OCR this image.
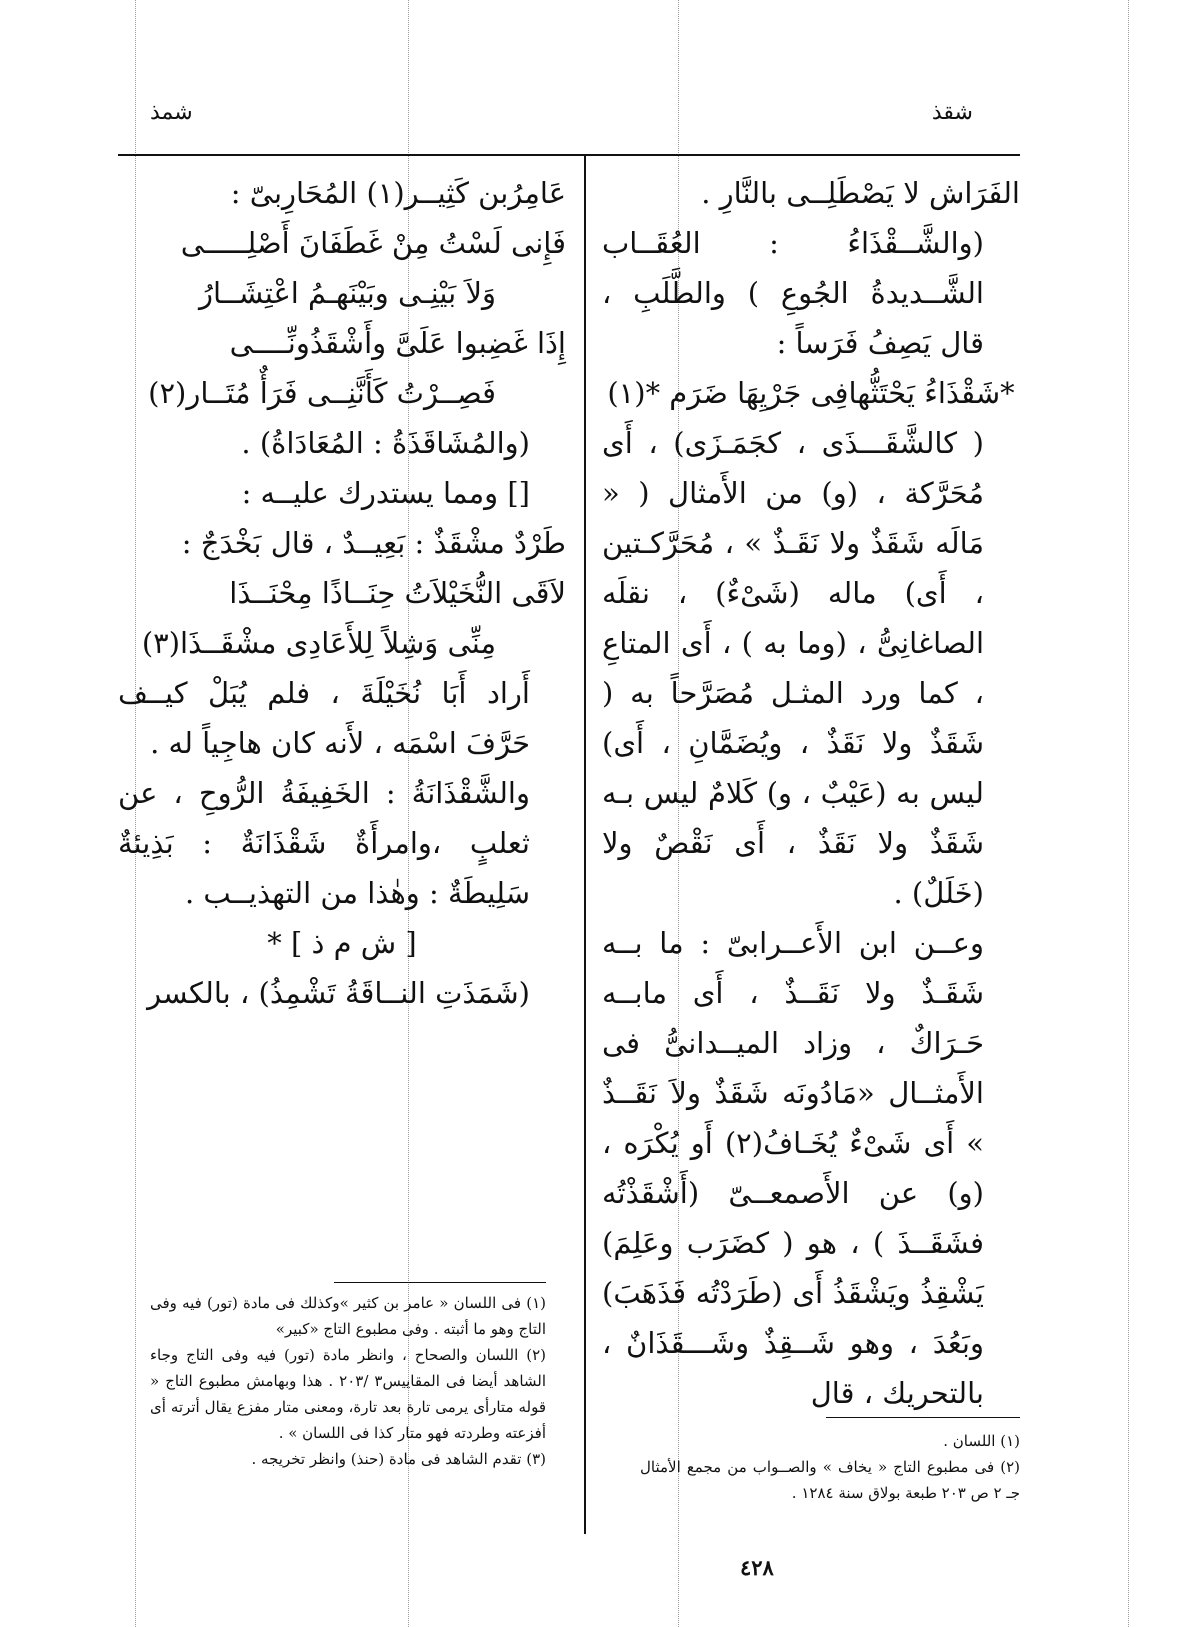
شقذ
شمذ

الفَرَاش لا يَصْطَلِــى بالنَّارِ .

(والشَّــقْذَاءُ : العُقَــاب الشَّــديدةُ الجُوعِ ) والطَّلَبِ ، قال يَصِفُ فَرَساً :

*شَقْذَاءُ يَحْتَثُّهافِى جَرْيِهَا ضَرَم *(١)

( كالشَّقَـــذَى ، كجَمَـزَى) ، أَى مُحَرَّكة ، (و) من الأَمثال ( « مَالَه شَقَذٌ ولا نَقَـذٌ » ، مُحَرَّكـتين ، أَى) ماله (شَىْءٌ) ، نقلَه الصاغانِىُّ ، (وما به ) ، أَى المتاعِ ، كما ورد المثـل مُصَرَّحاً به ( شَقَذٌ ولا نَقَذٌ ، ويُضَمَّانِ ، أَى) ليس به (عَيْبٌ ، و) كَلامٌ ليس بـه شَقَذٌ ولا نَقَذٌ ، أَى نَقْصٌ ولا (خَلَلٌ) .

وعــن ابن الأَعــرابىّ : ما بــه شَقَـذٌ ولا نَقَــذٌ ، أَى مابــه حَـرَاكٌ ، وزاد الميــدانىُّ فى الأَمثــال «مَادُونَه شَقَذٌ ولاَ نَقَــذٌ » أَى شَىْءٌ يُخَـافُ(٢) أَو يُكْرَه ، (و) عن الأَصمعــىّ (أَشْقَذْتُه فشَقَــذَ ) ، هو ( كضَرَب وعَلِمَ) يَشْقِذُ ويَشْقَذُ أَى (طَرَدْتُه فَذَهَبَ) وبَعُدَ ، وهو شَــقِذٌ وشَـــقَذَانٌ ، بالتحريك ، قال

عَامِرُبن كَثِيــر(١) المُحَارِبىّ :

فَإِنى لَسْتُ مِنْ غَطَفَانَ أَصْلِـــــى

وَلاَ بَيْنِـى وبَيْنَهـمُ اعْتِشَــارُ

إِذَا غَضِبوا عَلَىَّ وأَشْقَذُونِّــــى

فَصِــرْتُ كَأَنَّنِــى فَرَأٌ مُتَــار(٢)

(والمُشَاقَذَةُ : المُعَادَاةُ) .

[] ومما يستدرك عليــه :

طَرْدٌ مشْقَذٌ : بَعِيــدٌ ، قال بَخْدَجٌ :

لاَقَى النُّخَيْلاَتُ حِنَــاذًا مِحْنَــذَا

مِنِّى وَشِلاً لِلأَعَادِى مشْقَــذَا(٣)

أَراد أَبَا نُخَيْلَةَ ، فلم يُبَلْ كيــف حَرَّفَ اسْمَه ، لأَنه كان هاجِياً له .

والشَّقْذَانَةُ : الخَفِيفَةُ الرُّوحِ ، عن ثعلبٍ ،وامرأَةٌ شَقْذَانَةٌ : بَذِيئةٌ سَلِيطَةٌ : وهٰذا من التهذيــب .

[ ش م ذ ] *

(شَمَذَتِ النــاقَةُ تَشْمِذُ) ، بالكسر

(١) اللسان .

(٢) فى مطبوع التاج « يخاف » والصــواب من مجمع الأمثال جـ ٢ ص ٢٠٣ طبعة بولاق سنة ١٢٨٤ .

(١) فى اللسان « عامر بن كثير »وكذلك فى مادة (تور) فيه وفى التاج وهو ما أثبته . وفى مطبوع التاج «كبير»

(٢) اللسان والصحاح ، وانظر مادة (تور) فيه وفى التاج وجاء الشاهد أيضا فى المقاييس٣ /٢٠٣ . هذا وبهامش مطبوع التاج « قوله متارأى يرمى تارة بعد تارة، ومعنى متار مفزع يقال أترته أى أفزعته وطردته فهو متار كذا فى اللسان » .

(٣) تقدم الشاهد فى مادة (حنذ) وانظر تخريجه .

٤٢٨
